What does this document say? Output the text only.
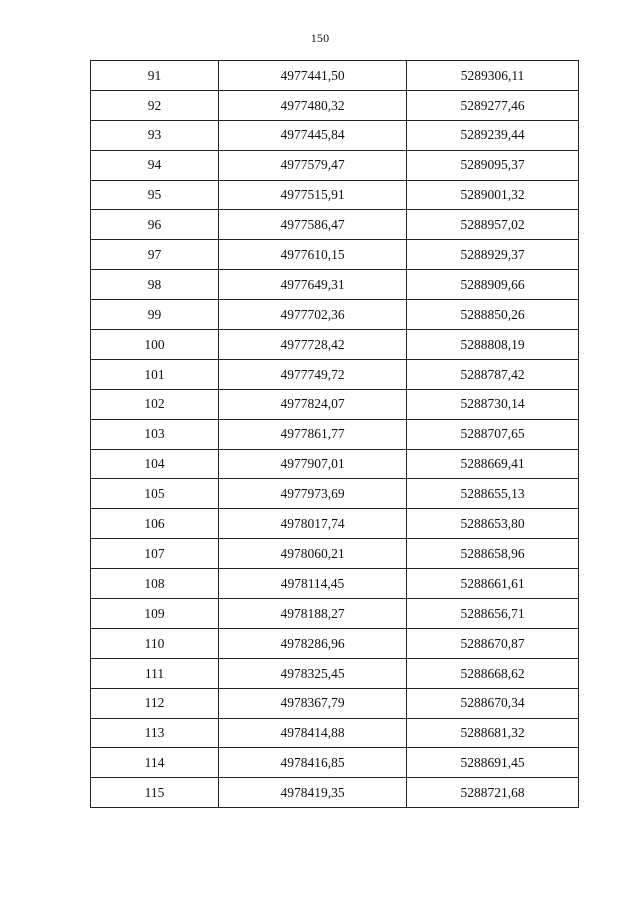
150
91	4977441,50	5289306,11
92	4977480,32	5289277,46
93	4977445,84	5289239,44
94	4977579,47	5289095,37
95	4977515,91	5289001,32
96	4977586,47	5288957,02
97	4977610,15	5288929,37
98	4977649,31	5288909,66
99	4977702,36	5288850,26
100	4977728,42	5288808,19
101	4977749,72	5288787,42
102	4977824,07	5288730,14
103	4977861,77	5288707,65
104	4977907,01	5288669,41
105	4977973,69	5288655,13
106	4978017,74	5288653,80
107	4978060,21	5288658,96
108	4978114,45	5288661,61
109	4978188,27	5288656,71
110	4978286,96	5288670,87
111	4978325,45	5288668,62
112	4978367,79	5288670,34
113	4978414,88	5288681,32
114	4978416,85	5288691,45
115	4978419,35	5288721,68
